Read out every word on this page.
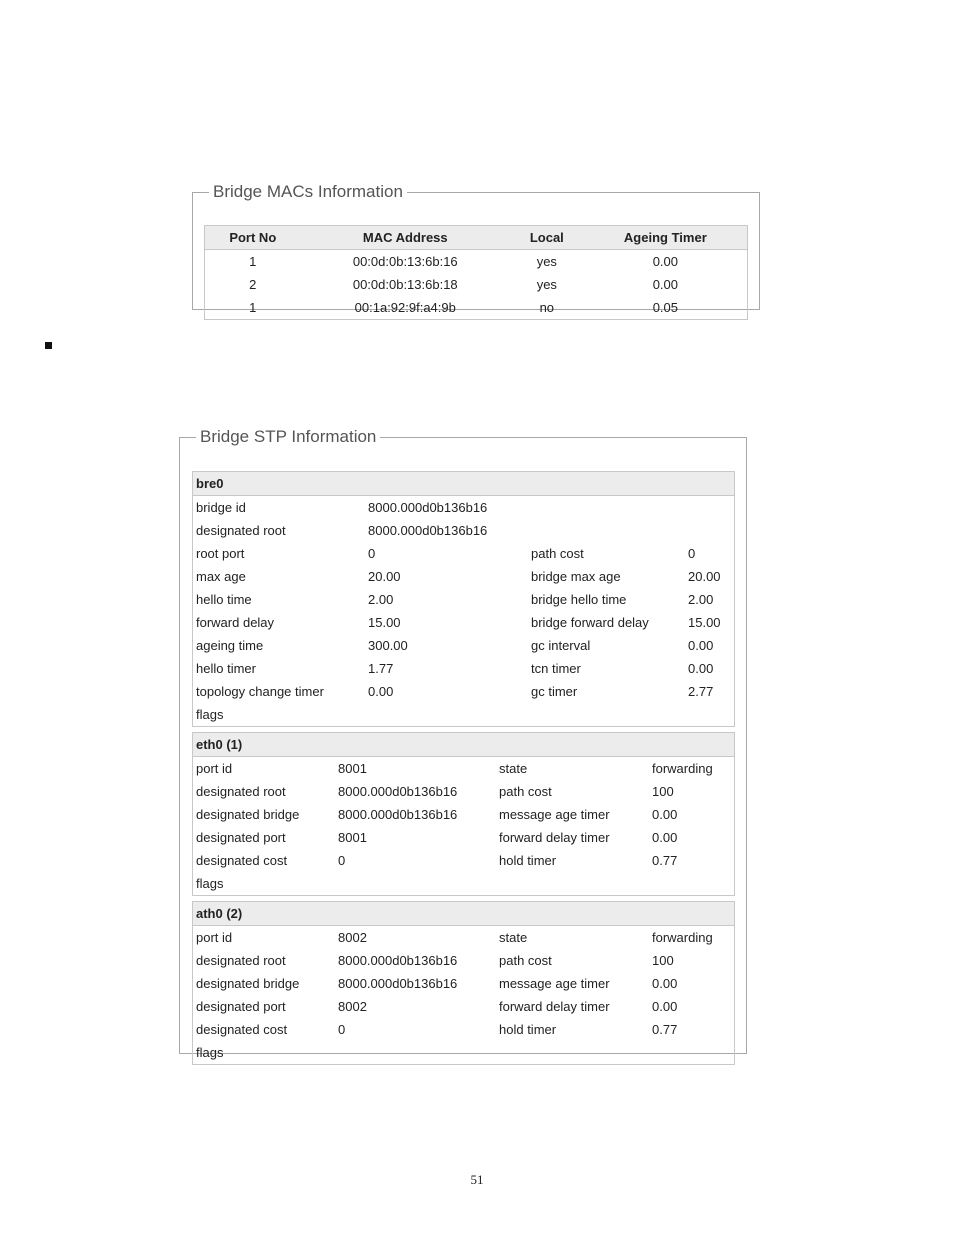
Bridge MACs Information
Port No	MAC Address	Local	Ageing Timer
1	00:0d:0b:13:6b:16	yes	0.00
2	00:0d:0b:13:6b:18	yes	0.00
1	00:1a:92:9f:a4:9b	no	0.05
Bridge STP Information
bre0
bridge id	8000.000d0b136b16
designated root	8000.000d0b136b16
root port	0	path cost	0
max age	20.00	bridge max age	20.00
hello time	2.00	bridge hello time	2.00
forward delay	15.00	bridge forward delay	15.00
ageing time	300.00	gc interval	0.00
hello timer	1.77	tcn timer	0.00
topology change timer	0.00	gc timer	2.77
flags
eth0 (1)
port id	8001	state	forwarding
designated root	8000.000d0b136b16	path cost	100
designated bridge	8000.000d0b136b16	message age timer	0.00
designated port	8001	forward delay timer	0.00
designated cost	0	hold timer	0.77
flags
ath0 (2)
port id	8002	state	forwarding
designated root	8000.000d0b136b16	path cost	100
designated bridge	8000.000d0b136b16	message age timer	0.00
designated port	8002	forward delay timer	0.00
designated cost	0	hold timer	0.77
flags
51
